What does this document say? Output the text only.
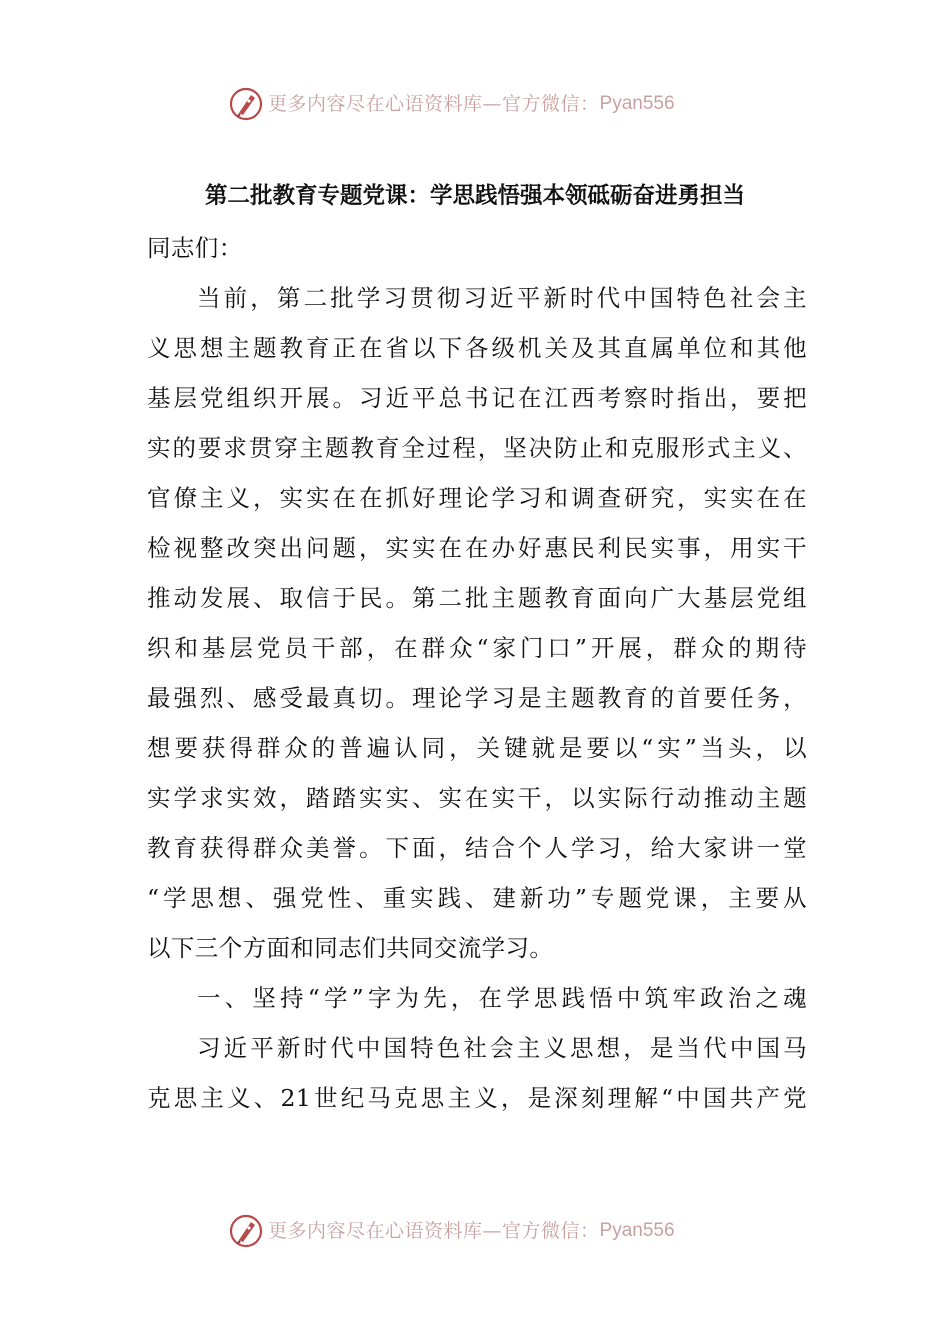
更多内容尽在心语资料库—官方微信： Pyan556
第二批教育专题党课：学思践悟强本领砥砺奋进勇担当
同志们：
当前，第二批学习贯彻习近平新时代中国特色社会主
义思想主题教育正在省以下各级机关及其直属单位和其他
基层党组织开展。习近平总书记在江西考察时指出，要把
实的要求贯穿主题教育全过程，坚决防止和克服形式主义、
官僚主义，实实在在抓好理论学习和调查研究，实实在在
检视整改突出问题，实实在在办好惠民利民实事，用实干
推动发展、取信于民。第二批主题教育面向广大基层党组
织和基层党员干部，在群众“家门口”开展，群众的期待
最强烈、感受最真切。理论学习是主题教育的首要任务，
想要获得群众的普遍认同，关键就是要以“实”当头，以
实学求实效，踏踏实实、实在实干，以实际行动推动主题
教育获得群众美誉。下面，结合个人学习，给大家讲一堂
“学思想、强党性、重实践、建新功”专题党课，主要从
以下三个方面和同志们共同交流学习。
一、坚持“学”字为先，在学思践悟中筑牢政治之魂
习近平新时代中国特色社会主义思想，是当代中国马
克思主义、21世纪马克思主义，是深刻理解“中国共产党
更多内容尽在心语资料库—官方微信： Pyan556
